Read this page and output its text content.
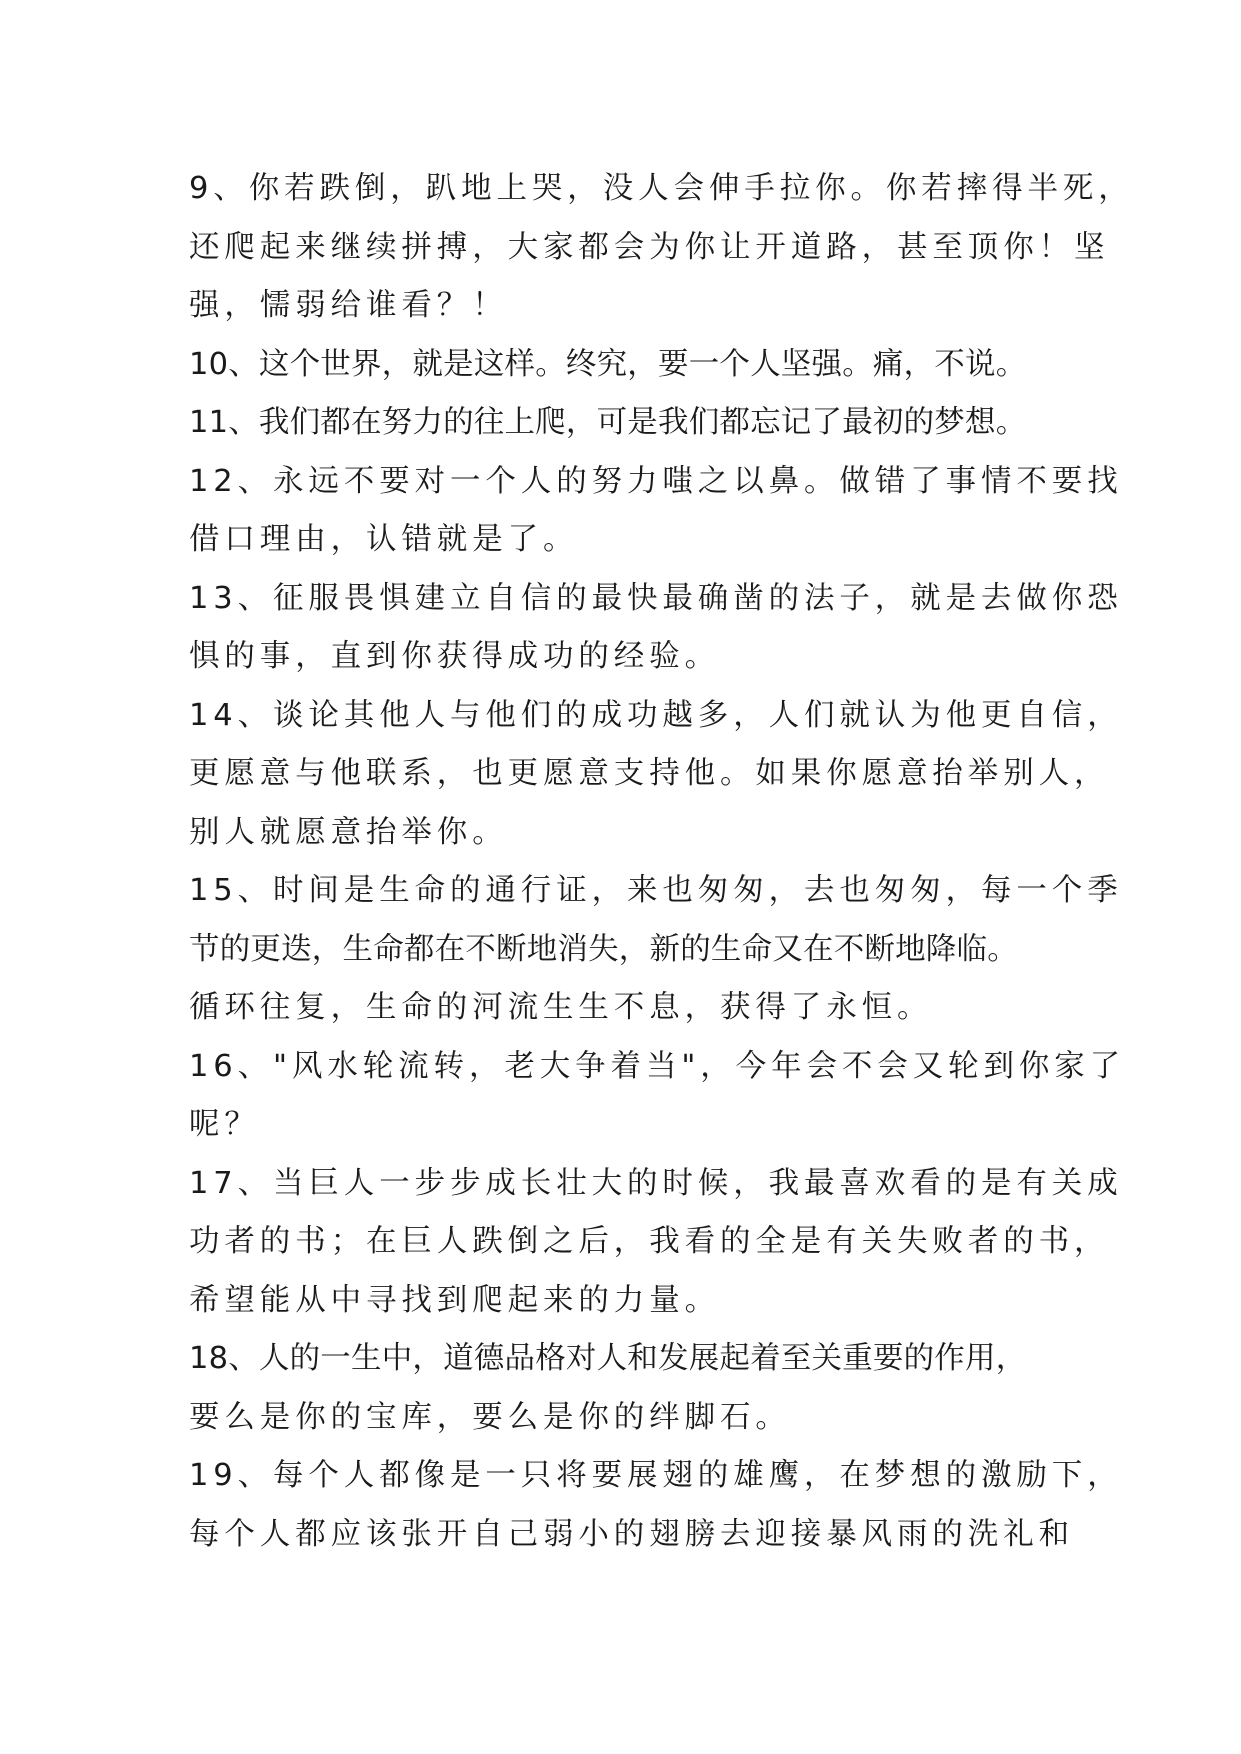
9、你若跌倒，趴地上哭，没人会伸手拉你。你若摔得半死，
还爬起来继续拼搏，大家都会为你让开道路，甚至顶你！坚
强，懦弱给谁看？！
10、这个世界，就是这样。终究，要一个人坚强。痛，不说。
11、我们都在努力的往上爬，可是我们都忘记了最初的梦想。
12、永远不要对一个人的努力嗤之以鼻。做错了事情不要找
借口理由，认错就是了。
13、征服畏惧建立自信的最快最确凿的法子，就是去做你恐
惧的事，直到你获得成功的经验。
14、谈论其他人与他们的成功越多，人们就认为他更自信，
更愿意与他联系，也更愿意支持他。如果你愿意抬举别人，
别人就愿意抬举你。
15、时间是生命的通行证，来也匆匆，去也匆匆，每一个季
节的更迭，生命都在不断地消失，新的生命又在不断地降临。
循环往复，生命的河流生生不息，获得了永恒。
16、"风水轮流转，老大争着当"，今年会不会又轮到你家了
呢？
17、当巨人一步步成长壮大的时候，我最喜欢看的是有关成
功者的书；在巨人跌倒之后，我看的全是有关失败者的书，
希望能从中寻找到爬起来的力量。
18、人的一生中，道德品格对人和发展起着至关重要的作用，
要么是你的宝库，要么是你的绊脚石。
19、每个人都像是一只将要展翅的雄鹰，在梦想的激励下，
每个人都应该张开自己弱小的翅膀去迎接暴风雨的洗礼和
